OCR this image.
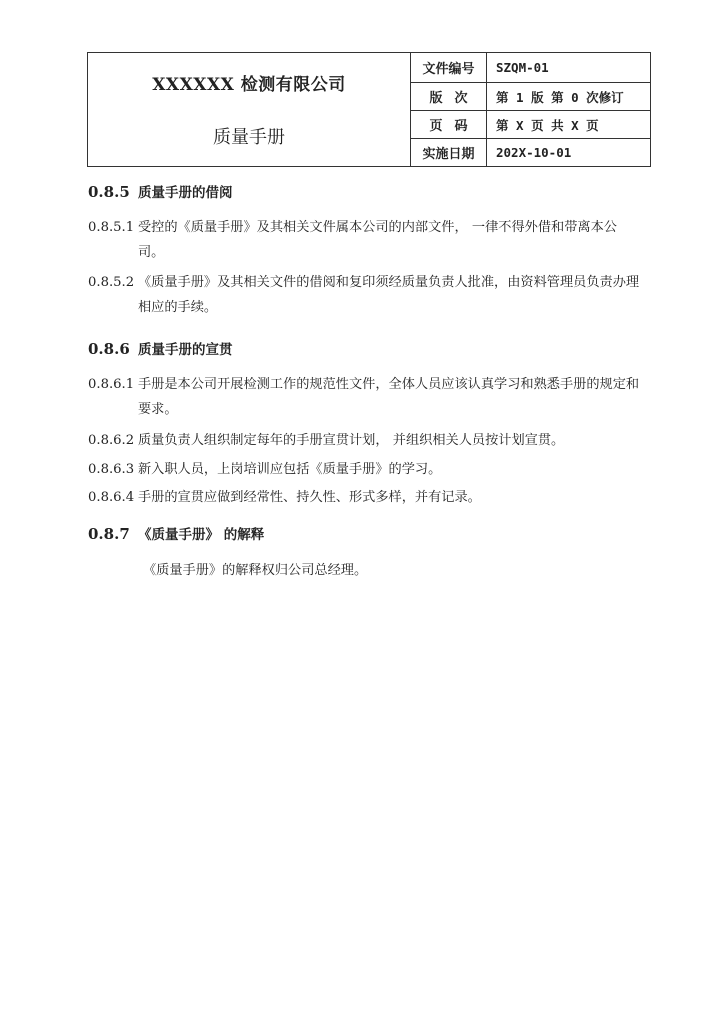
XXXXXX 检测有限公司
质量手册	文件编号	SZQM-01
	版次	第 1 版 第 0 次修订
	页码	第 X 页 共 X 页
	实施日期	202X-10-01
0.8.5 质量手册的借阅
0.8.5.1 受控的《质量手册》及其相关文件属本公司的内部文件， 一律不得外借和带离本公司。
0.8.5.2 《质量手册》及其相关文件的借阅和复印须经质量负责人批准，由资料管理员负责办理相应的手续。
0.8.6 质量手册的宣贯
0.8.6.1 手册是本公司开展检测工作的规范性文件，全体人员应该认真学习和熟悉手册的规定和要求。
0.8.6.2 质量负责人组织制定每年的手册宣贯计划， 并组织相关人员按计划宣贯。
0.8.6.3 新入职人员，上岗培训应包括《质量手册》的学习。
0.8.6.4 手册的宣贯应做到经常性、持久性、形式多样，并有记录。
0.8.7 《质量手册》 的解释
《质量手册》的解释权归公司总经理。
